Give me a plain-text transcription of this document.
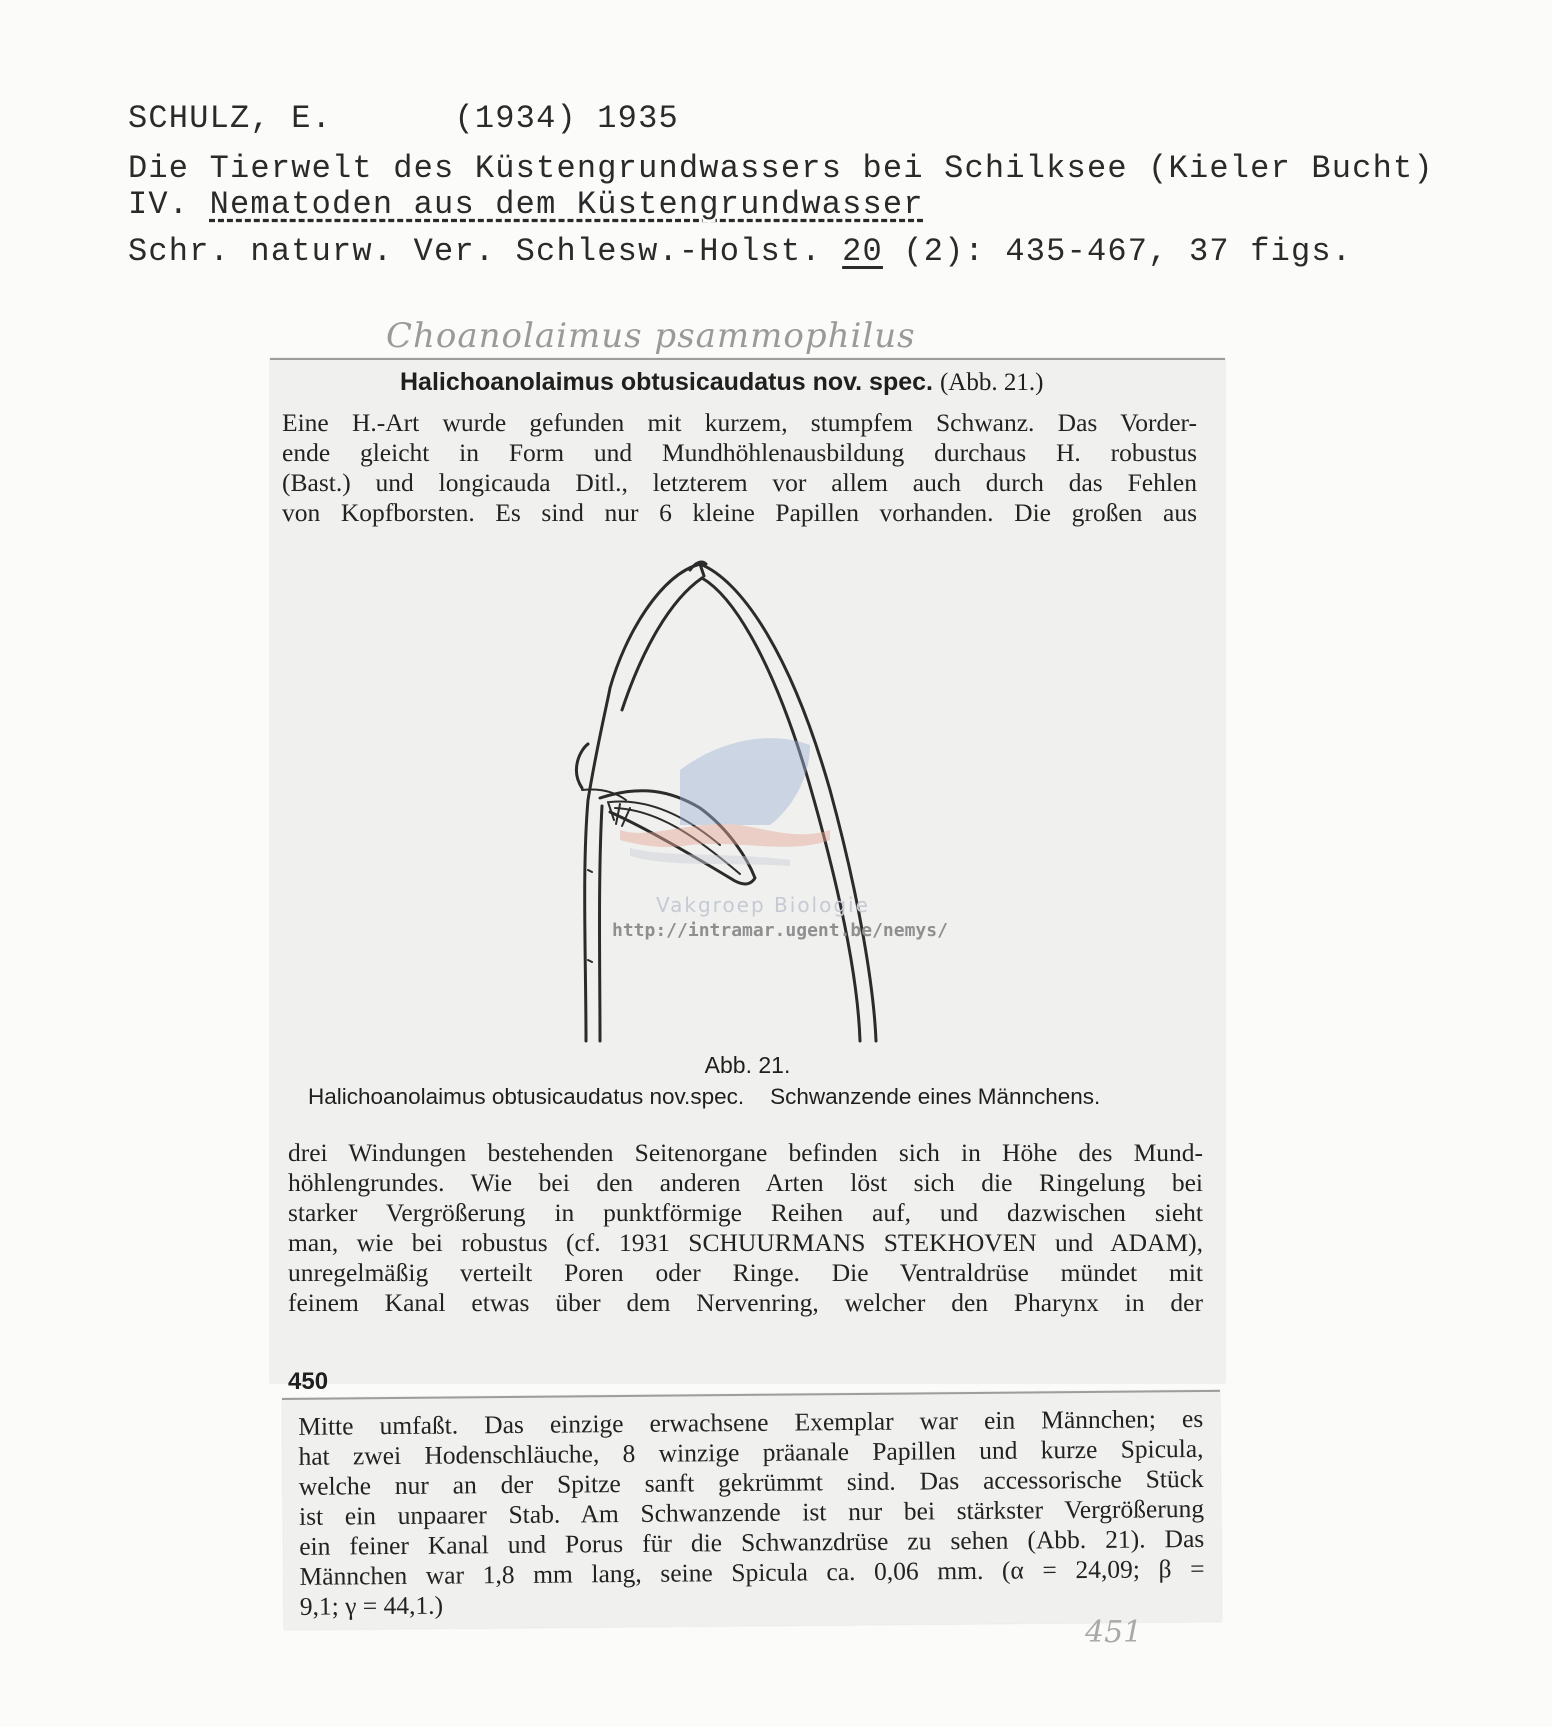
SCHULZ, E.	(1934) 1935
Die Tierwelt des Küstengrundwassers bei Schilksee (Kieler Bucht)
IV. Nematoden aus dem Küstengrundwasser
Schr. naturw. Ver. Schlesw.-Holst. 20 (2): 435-467, 37 figs.
Choanolaimus psammophilus
Halichoanolaimus obtusicaudatus nov. spec. (Abb. 21.)
Eine H.-Art wurde gefunden mit kurzem, stumpfem Schwanz. Das Vorder-
ende gleicht in Form und Mundhöhlenausbildung durchaus H. robustus
(Bast.) und longicauda Ditl., letzterem vor allem auch durch das Fehlen
von Kopfborsten. Es sind nur 6 kleine Papillen vorhanden. Die großen aus
Abb. 21.
Halichoanolaimus obtusicaudatus nov.spec. Schwanzende eines Männchens.
drei Windungen bestehenden Seitenorgane befinden sich in Höhe des Mund-
höhlengrundes. Wie bei den anderen Arten löst sich die Ringelung bei
starker Vergrößerung in punktförmige Reihen auf, und dazwischen sieht
man, wie bei robustus (cf. 1931 SCHUURMANS STEKHOVEN und ADAM),
unregelmäßig verteilt Poren oder Ringe. Die Ventraldrüse mündet mit
feinem Kanal etwas über dem Nervenring, welcher den Pharynx in der
450
Vakgroep Biologie
http://intramar.ugent.be/nemys/
Mitte umfaßt. Das einzige erwachsene Exemplar war ein Männchen; es
hat zwei Hodenschläuche, 8 winzige präanale Papillen und kurze Spicula,
welche nur an der Spitze sanft gekrümmt sind. Das accessorische Stück
ist ein unpaarer Stab. Am Schwanzende ist nur bei stärkster Vergrößerung
ein feiner Kanal und Porus für die Schwanzdrüse zu sehen (Abb. 21). Das
Männchen war 1,8 mm lang, seine Spicula ca. 0,06 mm. (α = 24,09; β =
9,1; γ = 44,1.)
451
